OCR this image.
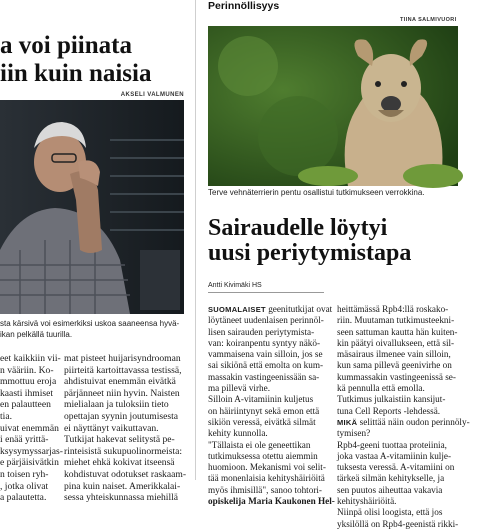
a voi piinata
iin kuin naisia
AKSELI VALMUNEN
sta kärsivä voi esimerkiksi uskoa saaneensa hyvä-
ikan pelkällä tuurilla.
eet kaikkiin vii-
n vääriin. Ko-
mmottuu eroja
kaasti ihmiset
en palautteen
tia.
uivat enemmän
i enää yrittä-
ksysymyssarjas-
e pärjäisivätkin
n toisen ryh-
, jotka olivat
a palautetta.
mat pisteet huijarisyndrooman
piirteitä kartoittavassa testissä,
ahdistuivat enemmän eivätkä
pärjänneet niin hyvin. Naisten
mielialaan ja tuloksiin tieto
opettajan syynin joutumisesta
ei näyttänyt vaikuttavan.
Tutkijat hakevat selitystä pe-
rinteisistä sukupuolinormeista:
miehet ehkä kokivat itseensä
kohdistuvat odotukset raskaam-
pina kuin naiset. Amerikkalai-
sessa yhteiskunnassa miehillä
Perinnöllisyys
TIINA SALMIVUORI
Terve vehnäterrierin pentu osallistui tutkimukseen verrokkina.
Sairaudelle löytyi
uusi periytymistapa
Antti Kivimäki HS

SUOMALAISET geenitutkijat ovat

löytäneet uudenlaisen perinnöl-

lisen sairauden periytymista-

van: koiranpentu syntyy näkö-

vammaisena vain silloin, jos se

sai sikiönä että emolta on kum-

massakin vastingeenissään sa-

ma pillevä virhe.

Silloin A-vitamiinin kuljetus

on häiriintynyt sekä emon että

sikiön veressä, eivätkä silmät

kehity kunnolla.

"Tällaista ei ole geneettikan

tutkimuksessa otettu aiemmin

huomioon. Mekanismi voi selit-

tää monenlaisia kehityshäiriöitä

myös ihmisillä", sanoo tohtori-

opiskelija Maria Kaukonen Hel-

heittämässä Rpb4:llä roskako-

riin. Muutaman tutkimusteekni-

seen sattuman kautta hän kuiten-

kin päätyi oivallukseen, että sil-

mäsairaus ilmenee vain silloin,

kun sama pillevä geenivirhe on

kummassakin vastingeenissä se-

kä pennulla että emolla.

Tutkimus julkaistiin kansijut-

tuna Cell Reports -lehdessä.

MIKÄ selittää näin oudon perinnöly-

tymisen?

Rpb4-geeni tuottaa proteiinia,

joka vastaa A-vitamiinin kulje-

tuksesta veressä. A-vitamiini on

tärkeä silmän kehitykselle, ja

sen puutos aiheuttaa vakavia

kehityshäiriöitä.

Niinpä olisi loogista, että jos

yksilöllä on Rpb4-geenistä rikki-
